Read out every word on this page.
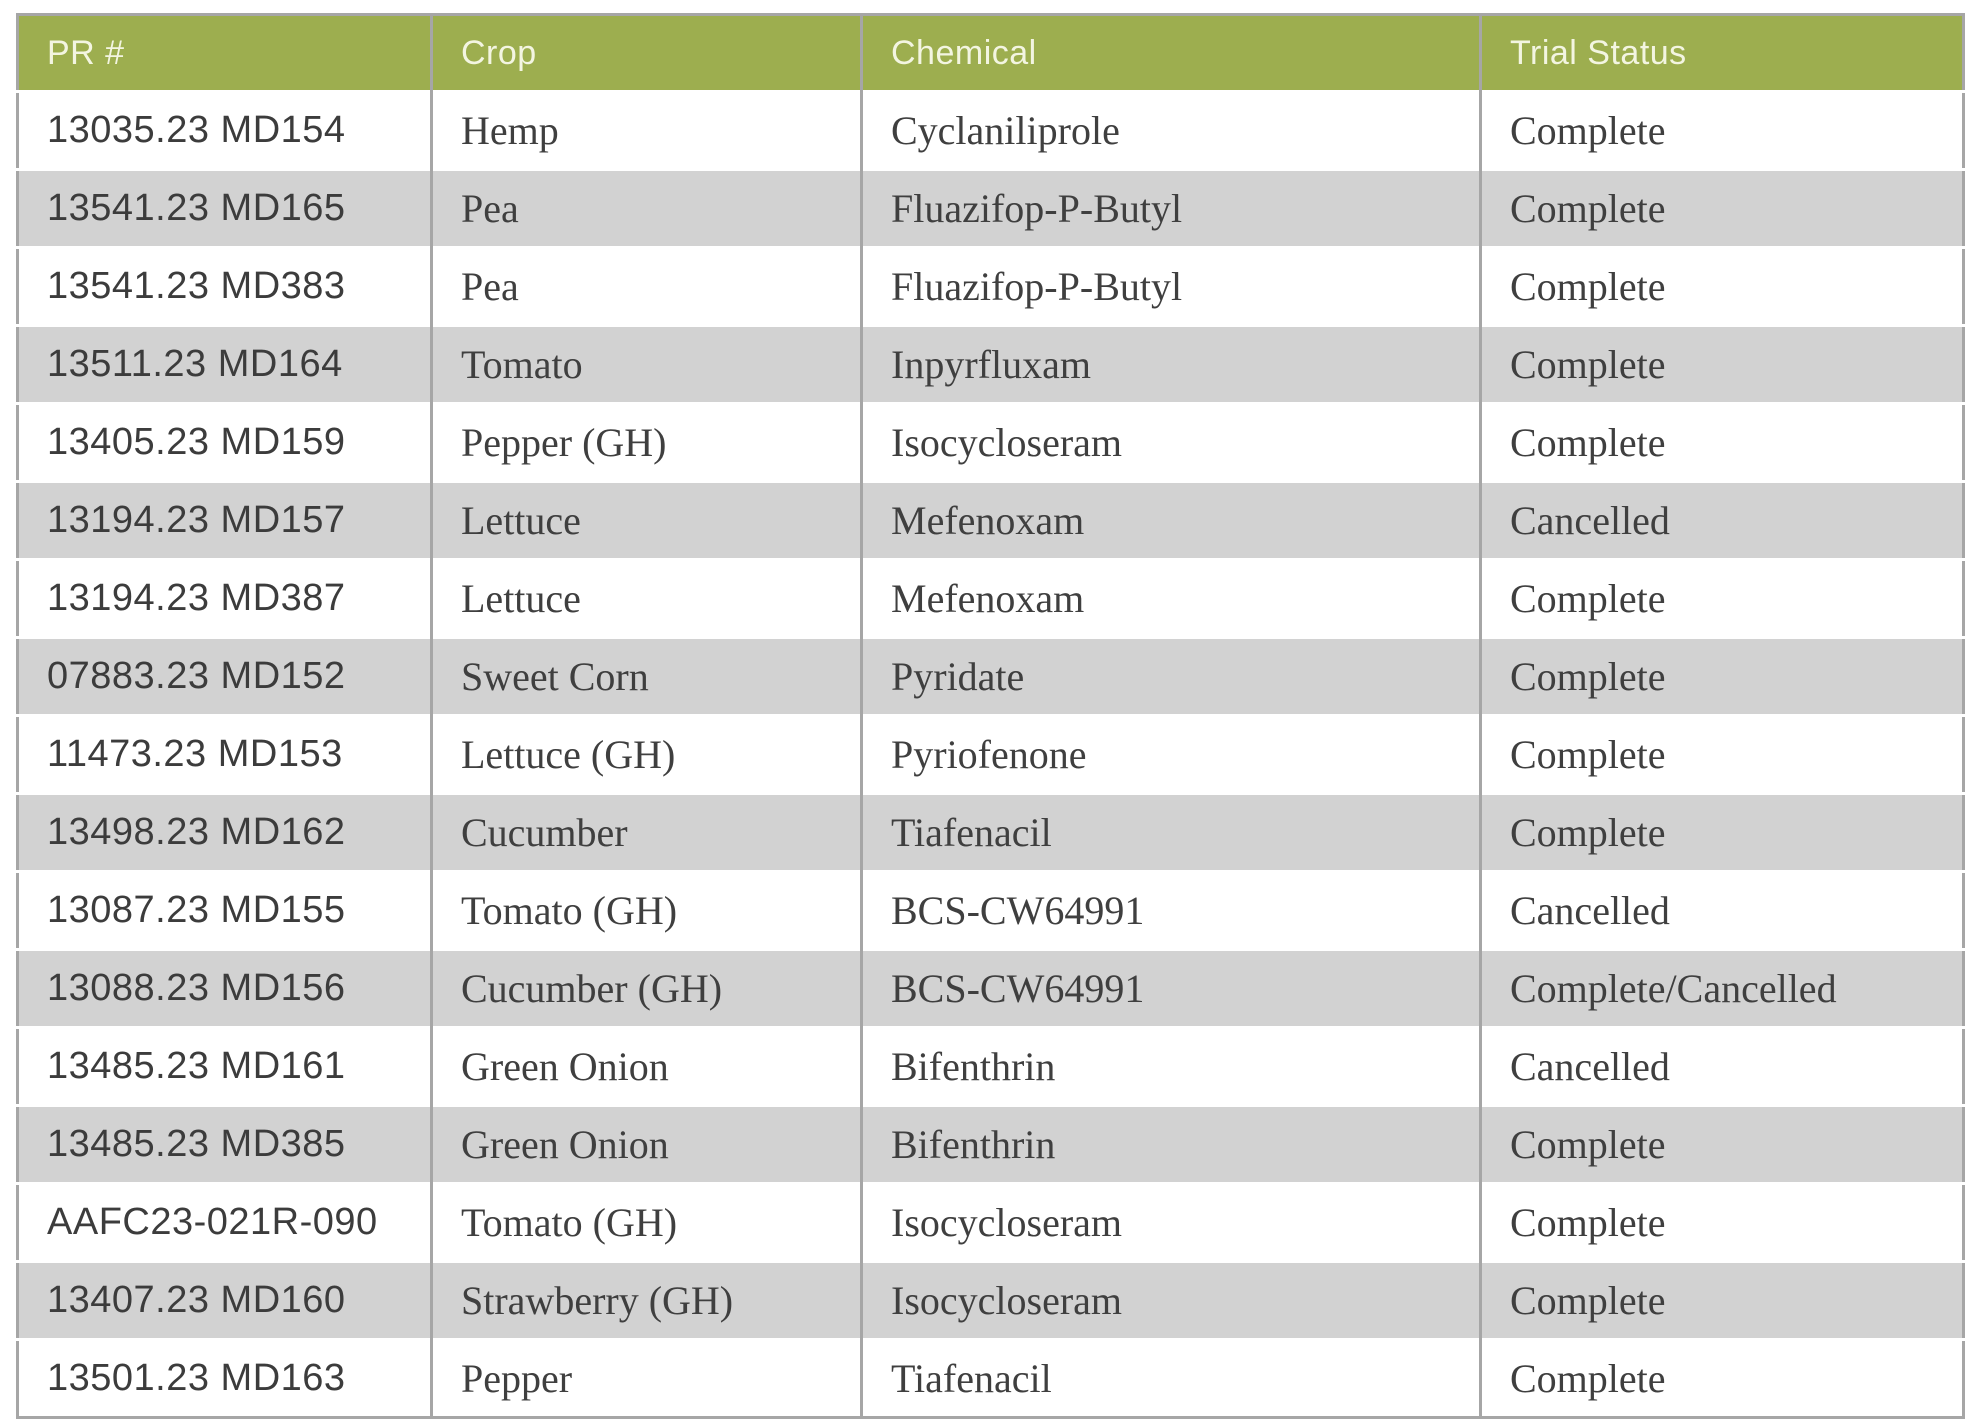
PR #	Crop	Chemical	Trial Status
13035.23 MD154	Hemp	Cyclaniliprole	Complete
13541.23 MD165	Pea	Fluazifop-P-Butyl	Complete
13541.23 MD383	Pea	Fluazifop-P-Butyl	Complete
13511.23 MD164	Tomato	Inpyrfluxam	Complete
13405.23 MD159	Pepper (GH)	Isocycloseram	Complete
13194.23 MD157	Lettuce	Mefenoxam	Cancelled
13194.23 MD387	Lettuce	Mefenoxam	Complete
07883.23 MD152	Sweet Corn	Pyridate	Complete
11473.23 MD153	Lettuce (GH)	Pyriofenone	Complete
13498.23 MD162	Cucumber	Tiafenacil	Complete
13087.23 MD155	Tomato (GH)	BCS-CW64991	Cancelled
13088.23 MD156	Cucumber (GH)	BCS-CW64991	Complete/Cancelled
13485.23 MD161	Green Onion	Bifenthrin	Cancelled
13485.23 MD385	Green Onion	Bifenthrin	Complete
AAFC23-021R-090	Tomato (GH)	Isocycloseram	Complete
13407.23 MD160	Strawberry (GH)	Isocycloseram	Complete
13501.23 MD163	Pepper	Tiafenacil	Complete
